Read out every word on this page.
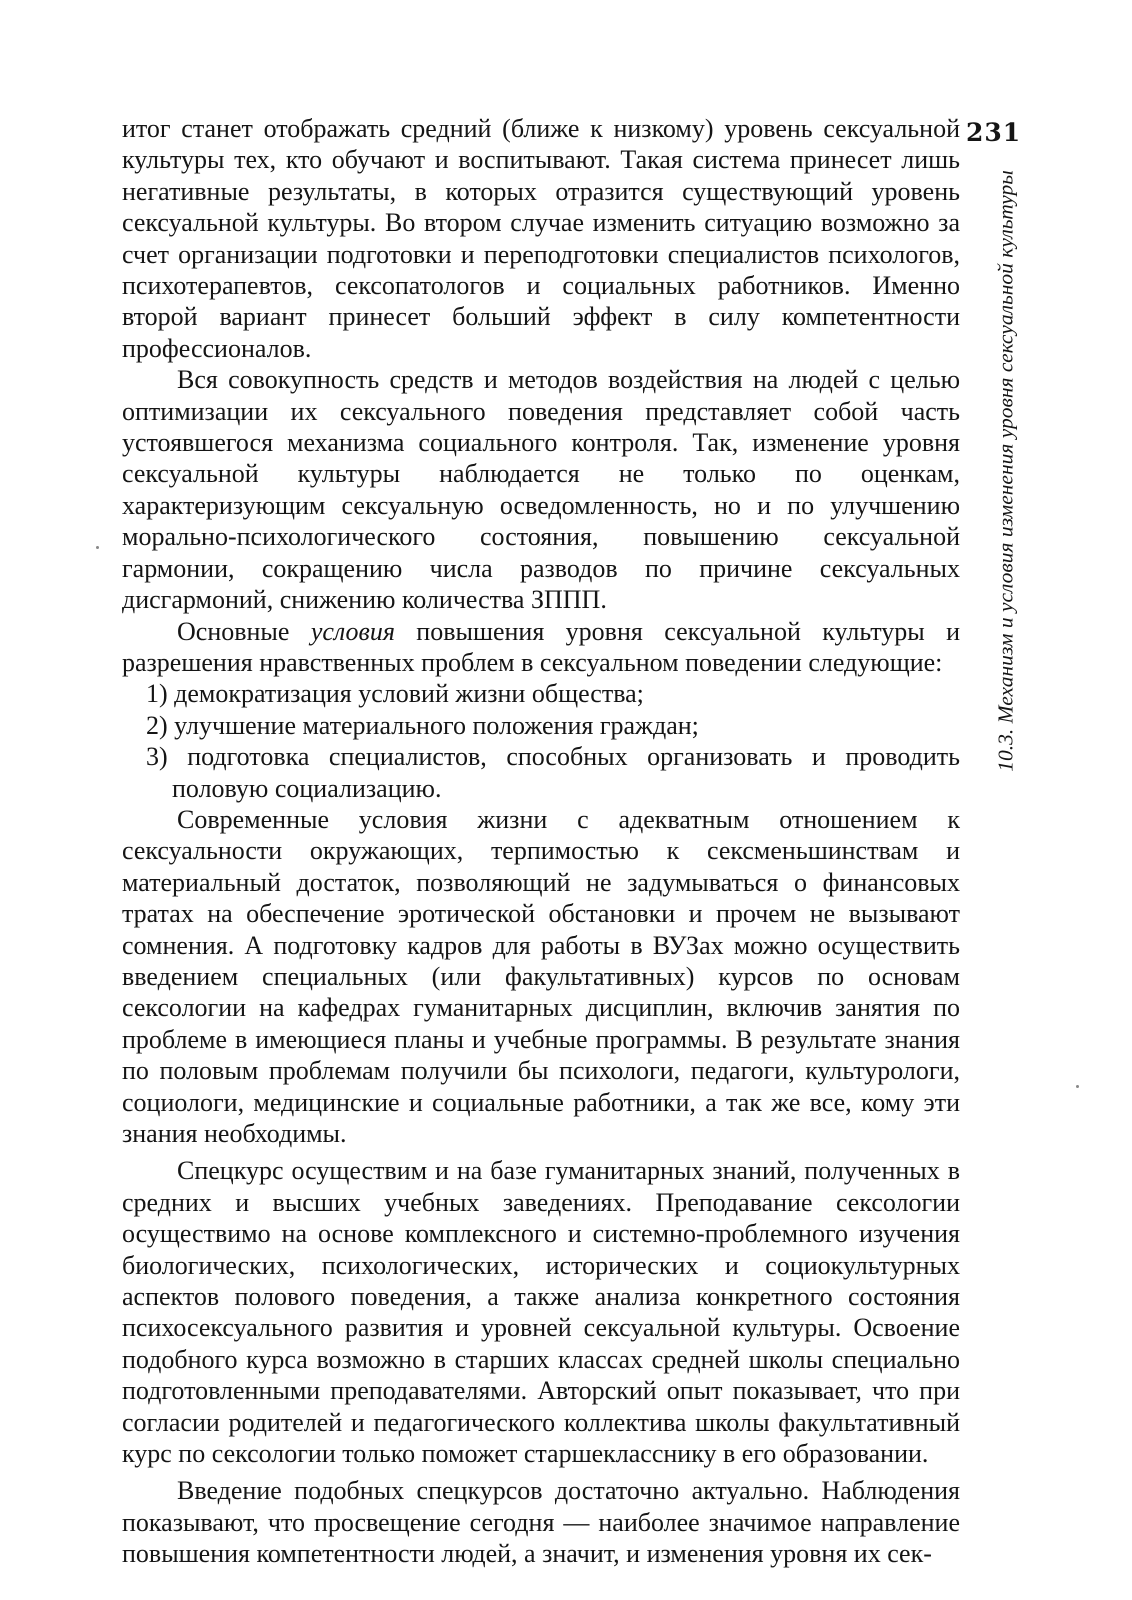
231
10.3. Механизм и условия изменения уровня сексуальной культуры

итог станет отображать средний (ближе к низкому) уровень сексуальной культуры тех, кто обучают и воспитывают. Такая система принесет лишь негативные результаты, в которых отразится существующий уровень сексуальной культуры. Во втором случае изменить ситуацию возможно за счет организации подготовки и переподготовки специалистов психологов, психотерапевтов, сексопатологов и социальных работников. Именно второй вариант принесет больший эффект в силу компетентности профессионалов.

Вся совокупность средств и методов воздействия на людей с целью оптимизации их сексуального поведения представляет собой часть устоявшегося механизма социального контроля. Так, изменение уровня сексуальной культуры наблюдается не только по оценкам, характеризующим сексуальную осведомленность, но и по улучшению морально-психологического состояния, повышению сексуальной гармонии, сокращению числа разводов по причине сексуальных дисгармоний, снижению количества ЗППП.

Основные условия повышения уровня сексуальной культуры и разрешения нравственных проблем в сексуальном поведении следующие:

1) демократизация условий жизни общества;
2) улучшение материального положения граждан;
3) подготовка специалистов, способных организовать и проводить половую социализацию.

Современные условия жизни с адекватным отношением к сексуальности окружающих, терпимостью к сексменьшинствам и материальный достаток, позволяющий не задумываться о финансовых тратах на обеспечение эротической обстановки и прочем не вызывают сомнения. А подготовку кадров для работы в ВУЗах можно осуществить введением специальных (или факультативных) курсов по основам сексологии на кафедрах гуманитарных дисциплин, включив занятия по проблеме в имеющиеся планы и учебные программы. В результате знания по половым проблемам получили бы психологи, педагоги, культурологи, социологи, медицинские и социальные работники, а так же все, кому эти знания необходимы.

Спецкурс осуществим и на базе гуманитарных знаний, полученных в средних и высших учебных заведениях. Преподавание сексологии осуществимо на основе комплексного и системно-проблемного изучения биологических, психологических, исторических и социокультурных аспектов полового поведения, а также анализа конкретного состояния психосексуального развития и уровней сексуальной культуры. Освоение подобного курса возможно в старших классах средней школы специально подготовленными преподавателями. Авторский опыт показывает, что при согласии родителей и педагогического коллектива школы факультативный курс по сексологии только поможет старшекласснику в его образовании.

Введение подобных спецкурсов достаточно актуально. Наблюдения показывают, что просвещение сегодня — наиболее значимое направление повышения компетентности людей, а значит, и изменения уровня их сек-
